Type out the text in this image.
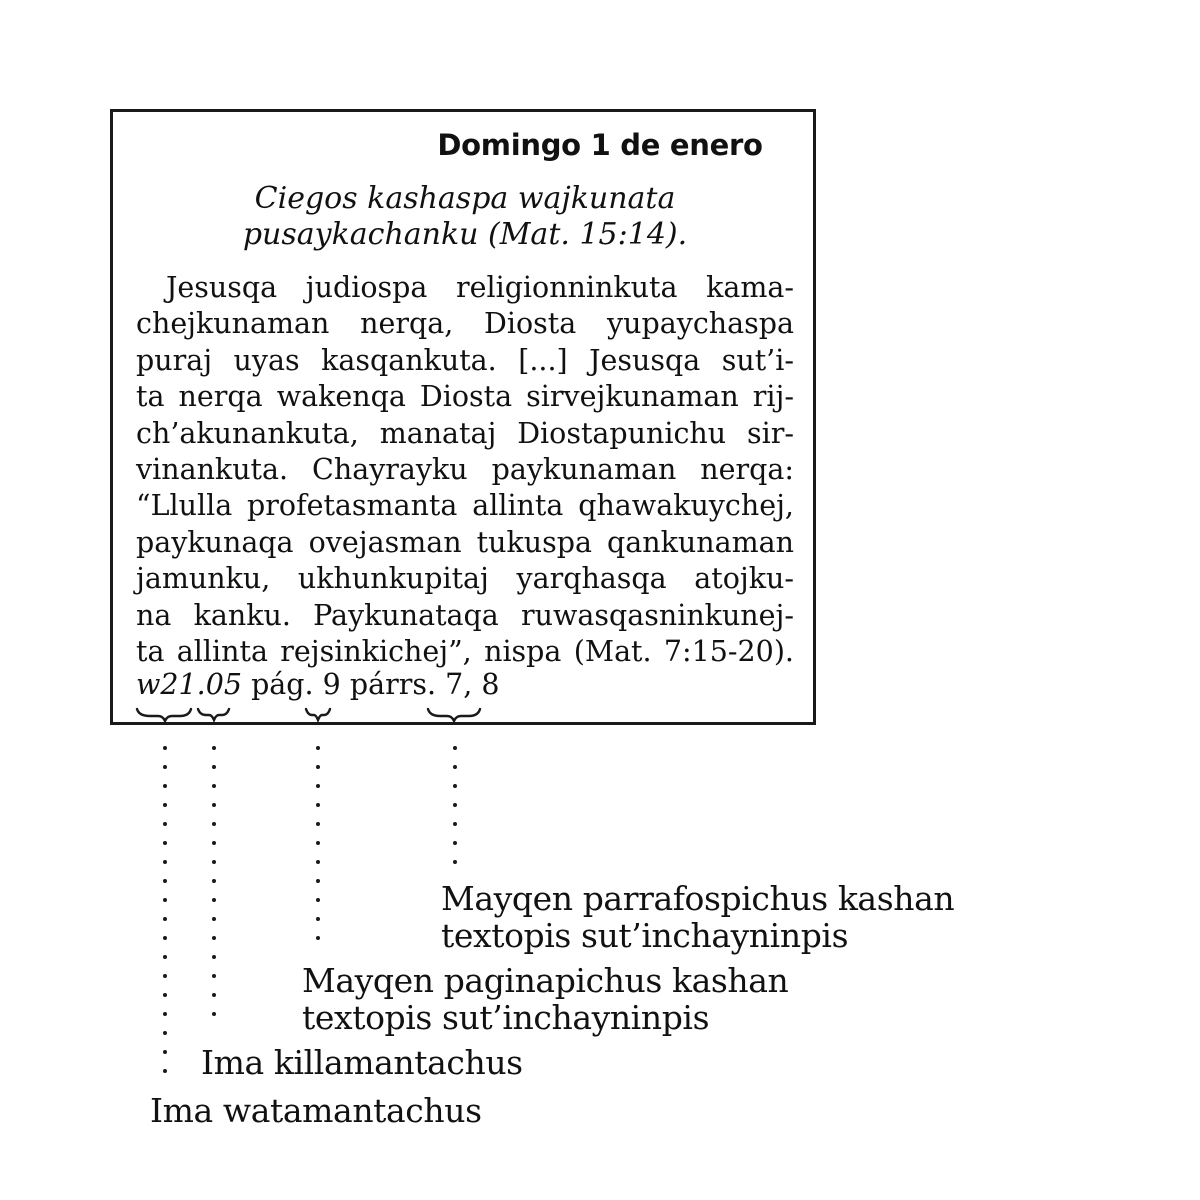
Domingo 1 de enero
Ciegos kashaspa wajkunata
pusaykachanku (Mat. 15:14).
Jesusqa judiospa religionninkuta kama-
chejkunaman nerqa, Diosta yupaychaspa
puraj uyas kasqankuta. [...] Jesusqa sut’i-
ta nerqa wakenqa Diosta sirvejkunaman rij-
ch’akunankuta, manataj Diostapunichu sir-
vinankuta. Chayrayku paykunaman nerqa:
“Llulla profetasmanta allinta qhawakuychej,
paykunaqa ovejasman tukuspa qankunaman
jamunku, ukhunkupitaj yarqhasqa atojku-
na kanku. Paykunataqa ruwasqasninkunej-
ta allinta rejsinkichej”, nispa (Mat. 7:15-20).
w21.05 pág. 9 párrs. 7, 8
Mayqen parrafospichus kashan
textopis sut’inchayninpis
Mayqen paginapichus kashan
textopis sut’inchayninpis
Ima killamantachus
Ima watamantachus
